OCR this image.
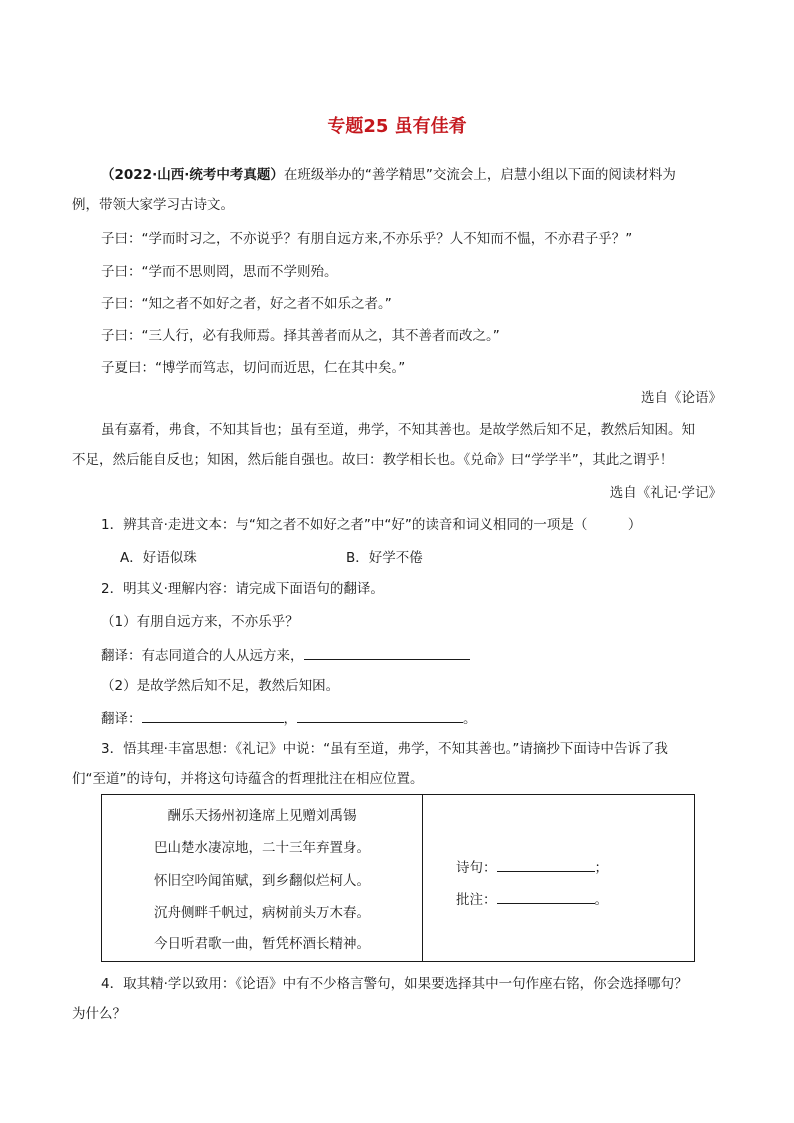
专题25 虽有佳肴
（2022·山西·统考中考真题）在班级举办的“善学精思”交流会上，启慧小组以下面的阅读材料为
例，带领大家学习古诗文。
子曰：“学而时习之，不亦说乎？有朋自远方来,不亦乐乎？人不知而不愠，不亦君子乎？”
子曰：“学而不思则罔，思而不学则殆。
子曰：“知之者不如好之者，好之者不如乐之者。”
子曰：“三人行，必有我师焉。择其善者而从之，其不善者而改之。”
子夏曰：“博学而笃志，切问而近思，仁在其中矣。”
选自《论语》
虽有嘉肴，弗食，不知其旨也；虽有至道，弗学，不知其善也。是故学然后知不足，教然后知困。知
不足，然后能自反也；知困，然后能自强也。故曰：教学相长也。《兑命》曰“学学半”，其此之谓乎！
选自《礼记·学记》
1．辨其音·走进文本：与“知之者不如好之者”中“好”的读音和词义相同的一项是（　　　）
A．好语似珠	B．好学不倦
2．明其义·理解内容：请完成下面语句的翻译。
（1）有朋自远方来，不亦乐乎？
翻译：有志同道合的人从远方来，
（2）是故学然后知不足，教然后知困。
翻译：	，	。
3．悟其理·丰富思想：《礼记》中说：“虽有至道，弗学，不知其善也。”请摘抄下面诗中告诉了我
们“至道”的诗句，并将这句诗蕴含的哲理批注在相应位置。
酬乐天扬州初逢席上见赠刘禹锡
巴山楚水凄凉地，二十三年弃置身。
怀旧空吟闻笛赋，到乡翻似烂柯人。
沉舟侧畔千帆过，病树前头万木春。
今日听君歌一曲，暂凭杯酒长精神。
诗句：	；
批注：	。
4．取其精·学以致用：《论语》中有不少格言警句，如果要选择其中一句作座右铭，你会选择哪句？
为什么？
